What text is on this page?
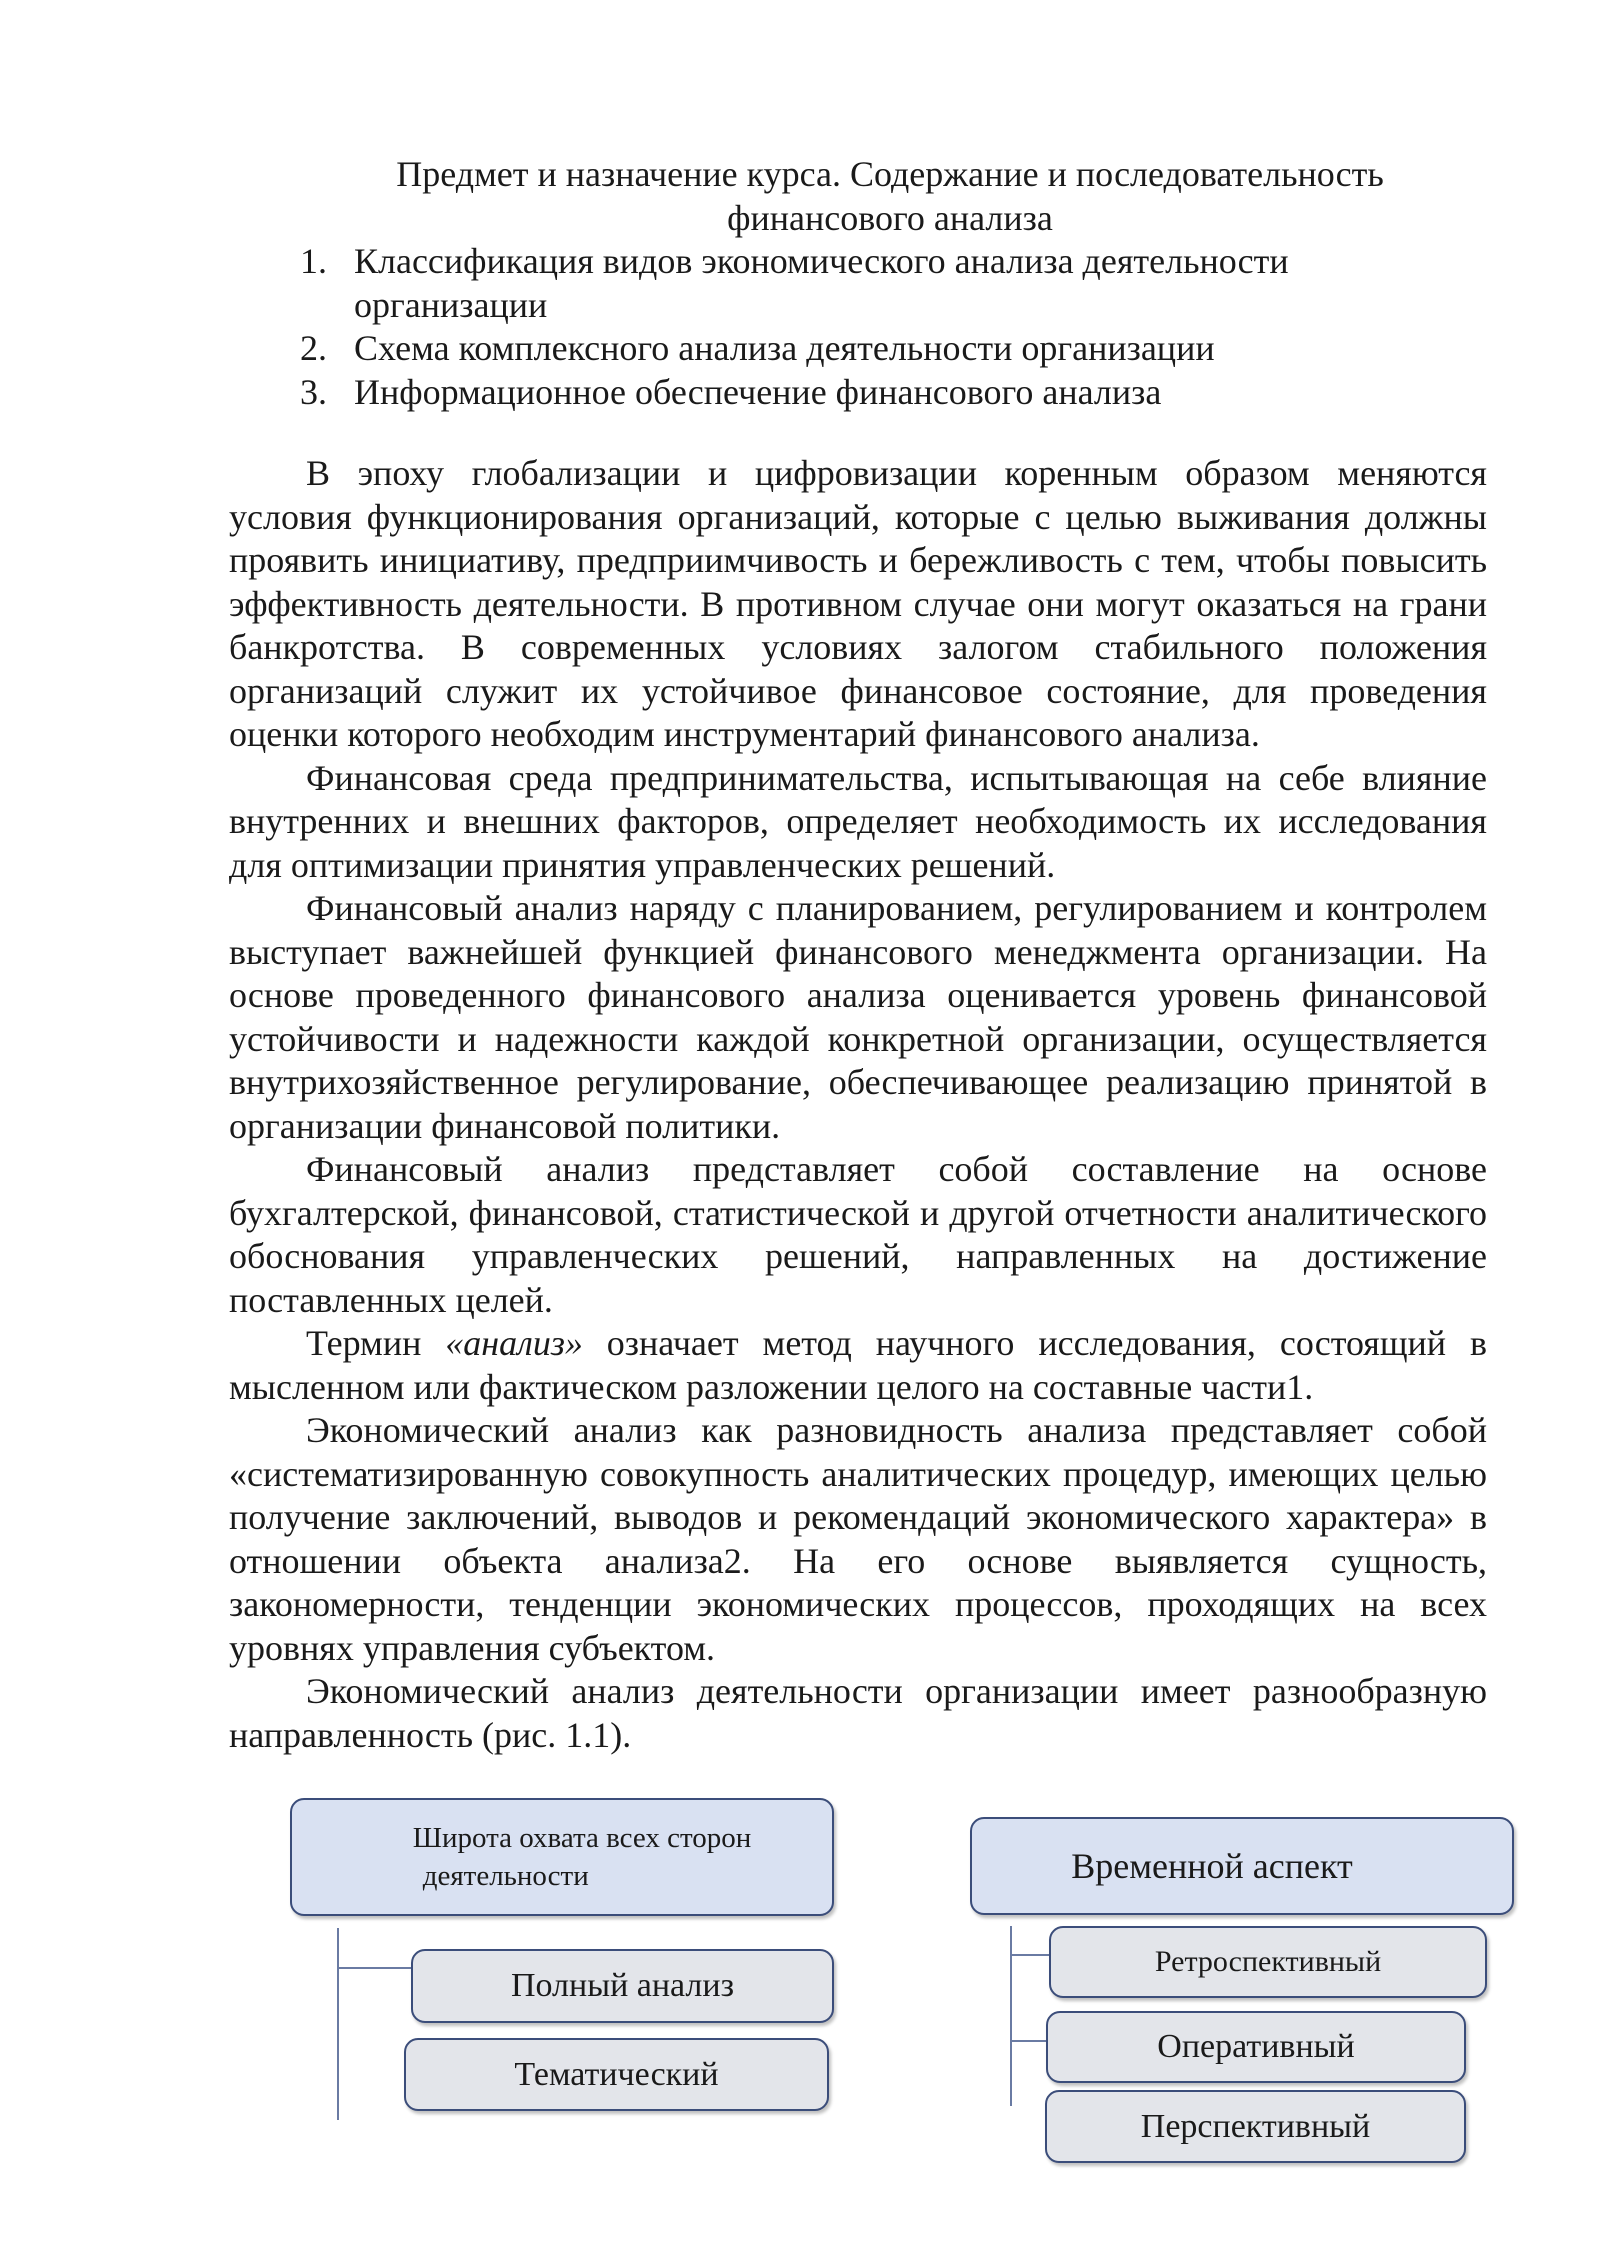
Предмет и назначение курса. Содержание и последовательность
финансового анализа
1. Классификация видов экономического анализа деятельности организации
2. Схема комплексного анализа деятельности организации
3. Информационное обеспечение финансового анализа

В эпоху глобализации и цифровизации коренным образом меняются условия функционирования организаций, которые с целью выживания должны проявить инициативу, предприимчивость и бережливость с тем, чтобы повысить эффективность деятельности. В противном случае они могут оказаться на грани банкротства. В современных условиях залогом стабильного положения организаций служит их устойчивое финансовое состояние, для проведения оценки которого необходим инструментарий финансового анализа.

Финансовая среда предпринимательства, испытывающая на себе влияние внутренних и внешних факторов, определяет необходимость их исследования для оптимизации принятия управленческих решений.

Финансовый анализ наряду с планированием, регулированием и контролем выступает важнейшей функцией финансового менеджмента организации. На основе проведенного финансового анализа оценивается уровень финансовой устойчивости и надежности каждой конкретной организации, осуществляется внутрихозяйственное регулирование, обеспечивающее реализацию принятой в организации финансовой политики.

Финансовый анализ представляет собой составление на основе бухгалтерской, финансовой, статистической и другой отчетности аналитического обоснования управленческих решений, направленных на достижение поставленных целей.

Термин «анализ» означает метод научного исследования, состоящий в мысленном или фактическом разложении целого на составные части1.

Экономический анализ как разновидность анализа представляет собой «систематизированную совокупность аналитических процедур, имеющих целью получение заключений, выводов и рекомендаций экономического характера» в отношении объекта анализа2. На его основе выявляется сущность, закономерности, тенденции экономических процессов, проходящих на всех уровнях управления субъектом.

Экономический анализ деятельности организации имеет разнообразную направленность (рис. 1.1).

Широта охвата всех сторон
деятельности
Полный анализ
Тематический
Временной аспект
Ретроспективный
Оперативный
Перспективный
